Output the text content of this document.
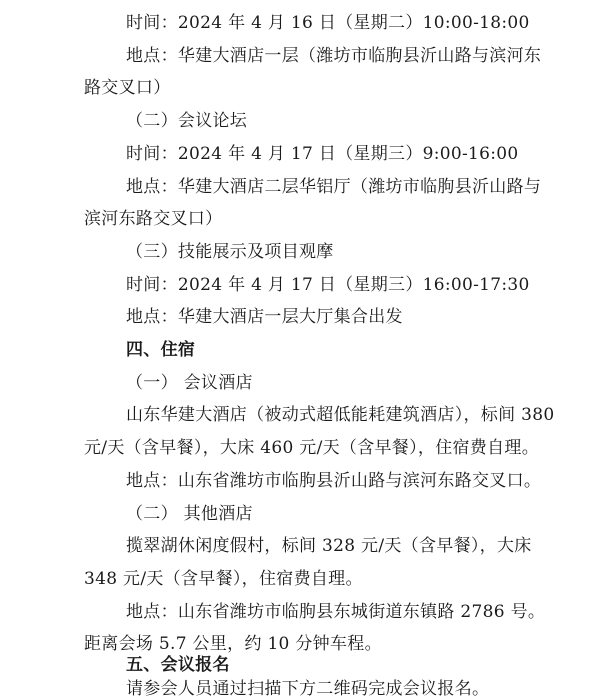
时间：2024 年 4 月 16 日（星期二）10:00-18:00
地点：华建大酒店一层（潍坊市临朐县沂山路与滨河东
路交叉口）
（二）会议论坛
时间：2024 年 4 月 17 日（星期三）9:00-16:00
地点：华建大酒店二层华铝厅（潍坊市临朐县沂山路与
滨河东路交叉口）
（三）技能展示及项目观摩
时间：2024 年 4 月 17 日（星期三）16:00-17:30
地点：华建大酒店一层大厅集合出发
四、住宿
（一） 会议酒店
山东华建大酒店（被动式超低能耗建筑酒店），标间 380
元/天（含早餐），大床 460 元/天（含早餐），住宿费自理。
地点：山东省潍坊市临朐县沂山路与滨河东路交叉口。
（二） 其他酒店
揽翠湖休闲度假村，标间 328 元/天（含早餐），大床
348 元/天（含早餐），住宿费自理。
地点：山东省潍坊市临朐县东城街道东镇路 2786 号。
距离会场 5.7 公里，约 10 分钟车程。
五、会议报名
请参会人员通过扫描下方二维码完成会议报名。
